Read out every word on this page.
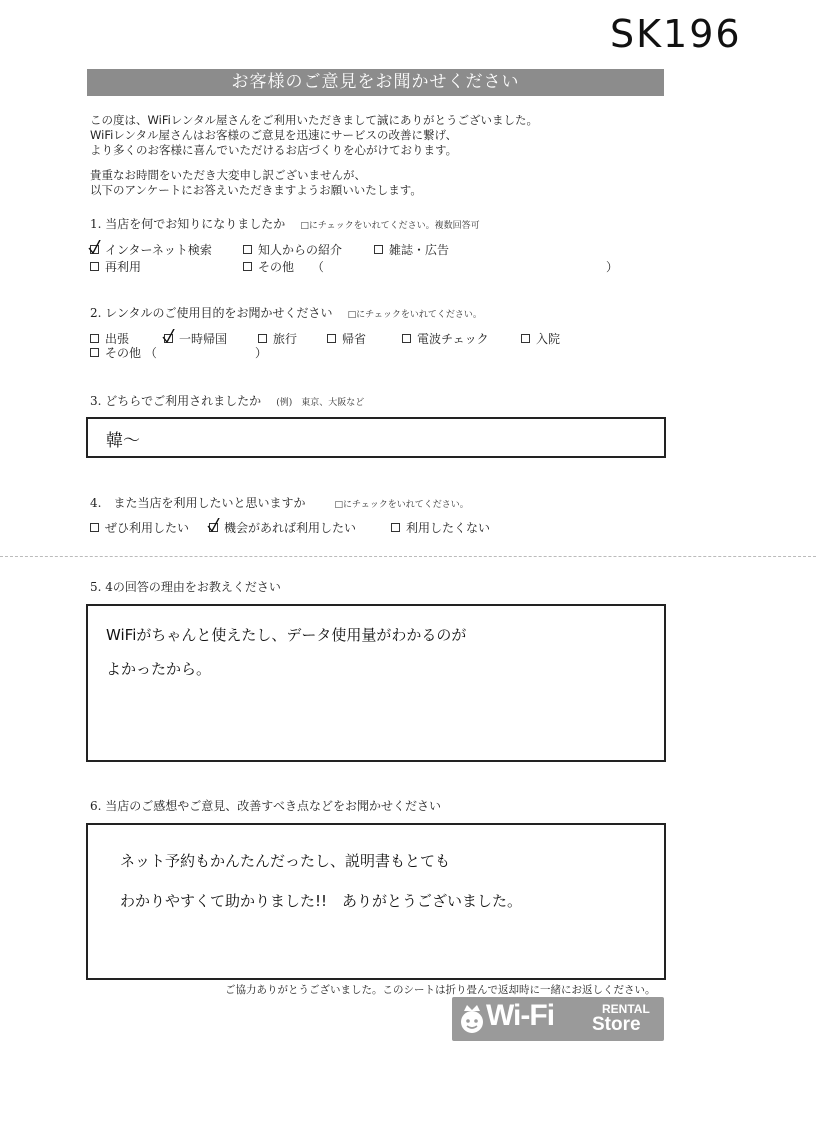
SK196
お客様のご意見をお聞かせください
この度は、WiFiレンタル屋さんをご利用いただきまして誠にありがとうございました。
WiFiレンタル屋さんはお客様のご意見を迅速にサービスの改善に繋げ、
より多くのお客様に喜んでいただけるお店づくりを心がけております。
貴重なお時間をいただき大変申し訳ございませんが、
以下のアンケートにお答えいただきますようお願いいたします。
1. 当店を何でお知りになりましたか □にチェックをいれてください。複数回答可
インターネット検索	知人からの紹介	雑誌・広告
再利用	その他 （	）
2. レンタルのご使用目的をお聞かせください □にチェックをいれてください。
出張	一時帰国	旅行	帰省	電波チェック	入院
その他 （	）
3. どちらでご利用されましたか (例)　東京、大阪など
韓～
4.　また当店を利用したいと思いますか	□にチェックをいれてください。
ぜひ利用したい	機会があれば利用したい	利用したくない
5. 4の回答の理由をお教えください
WiFiがちゃんと使えたし、データ使用量がわかるのが
よかったから。
6. 当店のご感想やご意見、改善すべき点などをお聞かせください
ネット予約もかんたんだったし、説明書もとても
わかりやすくて助かりました!!　ありがとうございました。
ご協力ありがとうございました。このシートは折り畳んで返却時に一緒にお返しください。
Wi-Fi	RENTAL
Store
